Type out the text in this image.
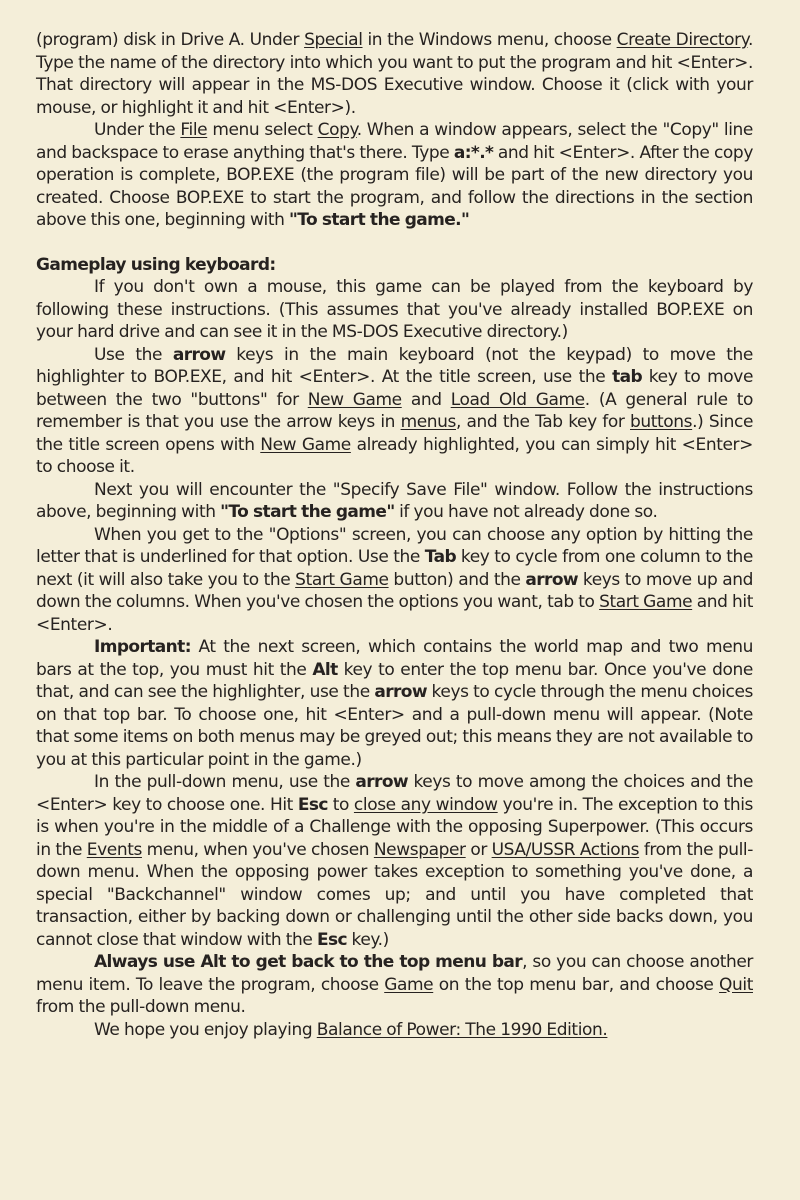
(program) disk in Drive A. Under Special in the Windows menu, choose Create Directory. Type the name of the directory into which you want to put the program and hit <Enter>. That directory will appear in the MS-DOS Executive window. Choose it (click with your mouse, or highlight it and hit <Enter>).

Under the File menu select Copy. When a window appears, select the "Copy" line and backspace to erase anything that's there. Type a:*.* and hit <Enter>. After the copy operation is complete, BOP.EXE (the program file) will be part of the new directory you created. Choose BOP.EXE to start the program, and follow the directions in the section above this one, beginning with "To start the game."

Gameplay using keyboard:

If you don't own a mouse, this game can be played from the keyboard by following these instructions. (This assumes that you've already installed BOP.EXE on your hard drive and can see it in the MS-DOS Executive directory.)

Use the arrow keys in the main keyboard (not the keypad) to move the highlighter to BOP.EXE, and hit <Enter>. At the title screen, use the tab key to move between the two "buttons" for New Game and Load Old Game. (A general rule to remember is that you use the arrow keys in menus, and the Tab key for buttons.) Since the title screen opens with New Game already highlighted, you can simply hit <Enter> to choose it.

Next you will encounter the "Specify Save File" window. Follow the instructions above, beginning with "To start the game" if you have not already done so.

When you get to the "Options" screen, you can choose any option by hitting the letter that is underlined for that option. Use the Tab key to cycle from one column to the next (it will also take you to the Start Game button) and the arrow keys to move up and down the columns. When you've chosen the options you want, tab to Start Game and hit <Enter>.

Important: At the next screen, which contains the world map and two menu bars at the top, you must hit the Alt key to enter the top menu bar. Once you've done that, and can see the highlighter, use the arrow keys to cycle through the menu choices on that top bar. To choose one, hit <Enter> and a pull-down menu will appear. (Note that some items on both menus may be greyed out; this means they are not available to you at this particular point in the game.)

In the pull-down menu, use the arrow keys to move among the choices and the <Enter> key to choose one. Hit Esc to close any window you're in. The exception to this is when you're in the middle of a Challenge with the opposing Superpower. (This occurs in the Events menu, when you've chosen Newspaper or USA/USSR Actions from the pull-down menu. When the opposing power takes exception to something you've done, a special "Backchannel" window comes up; and until you have completed that transaction, either by backing down or challenging until the other side backs down, you cannot close that window with the Esc key.)

Always use Alt to get back to the top menu bar, so you can choose another menu item. To leave the program, choose Game on the top menu bar, and choose Quit from the pull-down menu.

We hope you enjoy playing Balance of Power: The 1990 Edition.
